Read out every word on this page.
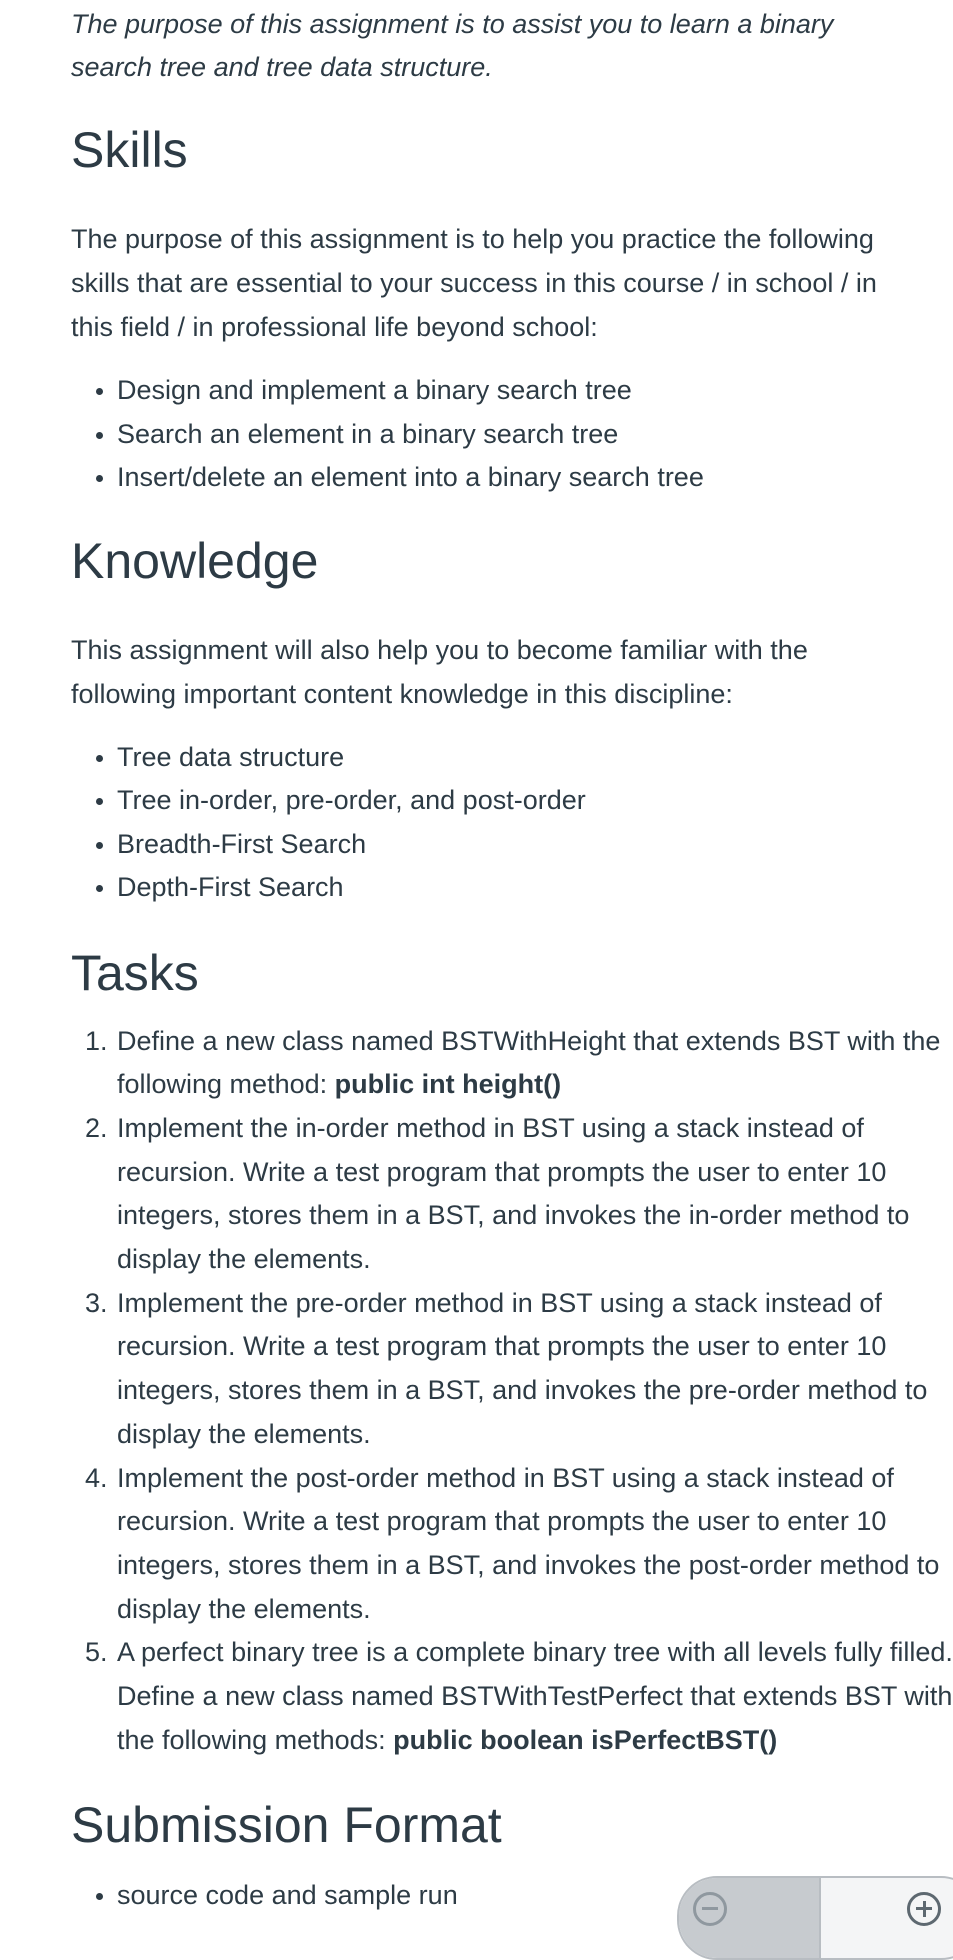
The purpose of this assignment is to assist you to learn a binary search tree and tree data structure.

Skills

The purpose of this assignment is to help you practice the following skills that are essential to your success in this course / in school / in this field / in professional life beyond school:

Design and implement a binary search tree
Search an element in a binary search tree
Insert/delete an element into a binary search tree
Knowledge

This assignment will also help you to become familiar with the following important content knowledge in this discipline:

Tree data structure
Tree in-order, pre-order, and post-order
Breadth-First Search
Depth-First Search
Tasks
1. Define a new class named BSTWithHeight that extends BST with the following method: public int height()
2. Implement the in-order method in BST using a stack instead of recursion. Write a test program that prompts the user to enter 10 integers, stores them in a BST, and invokes the in-order method to display the elements.
3. Implement the pre-order method in BST using a stack instead of recursion. Write a test program that prompts the user to enter 10 integers, stores them in a BST, and invokes the pre-order method to display the elements.
4. Implement the post-order method in BST using a stack instead of recursion. Write a test program that prompts the user to enter 10 integers, stores them in a BST, and invokes the post-order method to display the elements.
5. A perfect binary tree is a complete binary tree with all levels fully filled. Define a new class named BSTWithTestPerfect that extends BST with the following methods: public boolean isPerfectBST()
Submission Format
source code and sample run
